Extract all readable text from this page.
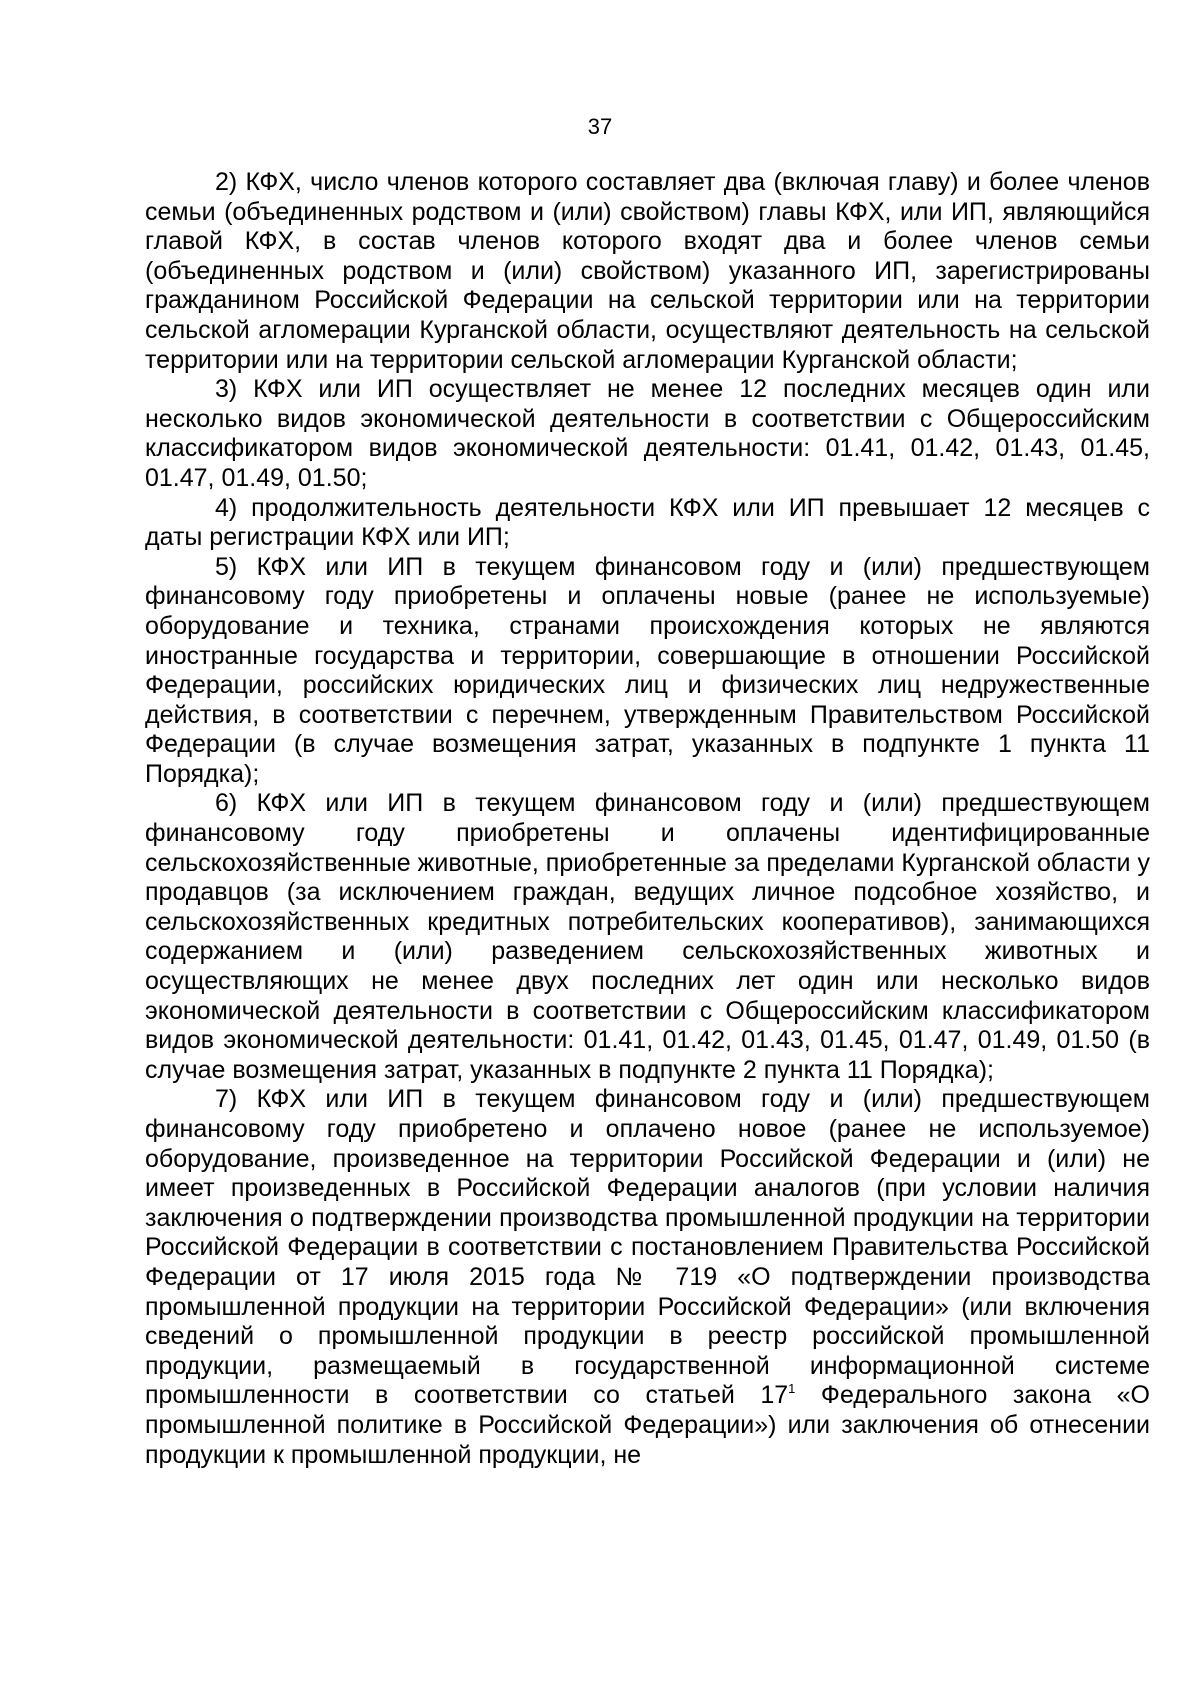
37

2) КФХ, число членов которого составляет два (включая главу) и более членов семьи (объединенных родством и (или) свойством) главы КФХ, или ИП, являющийся главой КФХ, в состав членов которого входят два и более членов семьи (объединенных родством и (или) свойством) указанного ИП, зарегистрированы гражданином Российской Федерации на сельской территории или на территории сельской агломерации Курганской области, осуществляют деятельность на сельской территории или на территории сельской агломерации Курганской области;

3) КФХ или ИП осуществляет не менее 12 последних месяцев один или несколько видов экономической деятельности в соответствии с Общероссийским классификатором видов экономической деятельности: 01.41, 01.42, 01.43, 01.45, 01.47, 01.49, 01.50;

4) продолжительность деятельности КФХ или ИП превышает 12 месяцев с даты регистрации КФХ или ИП;

5) КФХ или ИП в текущем финансовом году и (или) предшествующем финансовому году приобретены и оплачены новые (ранее не используемые) оборудование и техника, странами происхождения которых не являются иностранные государства и территории, совершающие в отношении Российской Федерации, российских юридических лиц и физических лиц недружественные действия, в соответствии с перечнем, утвержденным Правительством Российской Федерации (в случае возмещения затрат, указанных в подпункте 1 пункта 11 Порядка);

6) КФХ или ИП в текущем финансовом году и (или) предшествующем финансовому году приобретены и оплачены идентифицированные сельскохозяйственные животные, приобретенные за пределами Курганской области у продавцов (за исключением граждан, ведущих личное подсобное хозяйство, и сельскохозяйственных кредитных потребительских кооперативов), занимающихся содержанием и (или) разведением сельскохозяйственных животных и осуществляющих не менее двух последних лет один или несколько видов экономической деятельности в соответствии с Общероссийским классификатором видов экономической деятельности: 01.41, 01.42, 01.43, 01.45, 01.47, 01.49, 01.50 (в случае возмещения затрат, указанных в подпункте 2 пункта 11 Порядка);

7) КФХ или ИП в текущем финансовом году и (или) предшествующем финансовому году приобретено и оплачено новое (ранее не используемое) оборудование, произведенное на территории Российской Федерации и (или) не имеет произведенных в Российской Федерации аналогов (при условии наличия заключения о подтверждении производства промышленной продукции на территории Российской Федерации в соответствии с постановлением Правительства Российской Федерации от 17 июля 2015 года № 719 «О подтверждении производства промышленной продукции на территории Российской Федерации» (или включения сведений о промышленной продукции в реестр российской промышленной продукции, размещаемый в государственной информационной системе промышленности в соответствии со статьей $17^1$ Федерального закона «О промышленной политике в Российской Федерации») или заключения об отнесении продукции к промышленной продукции, не
